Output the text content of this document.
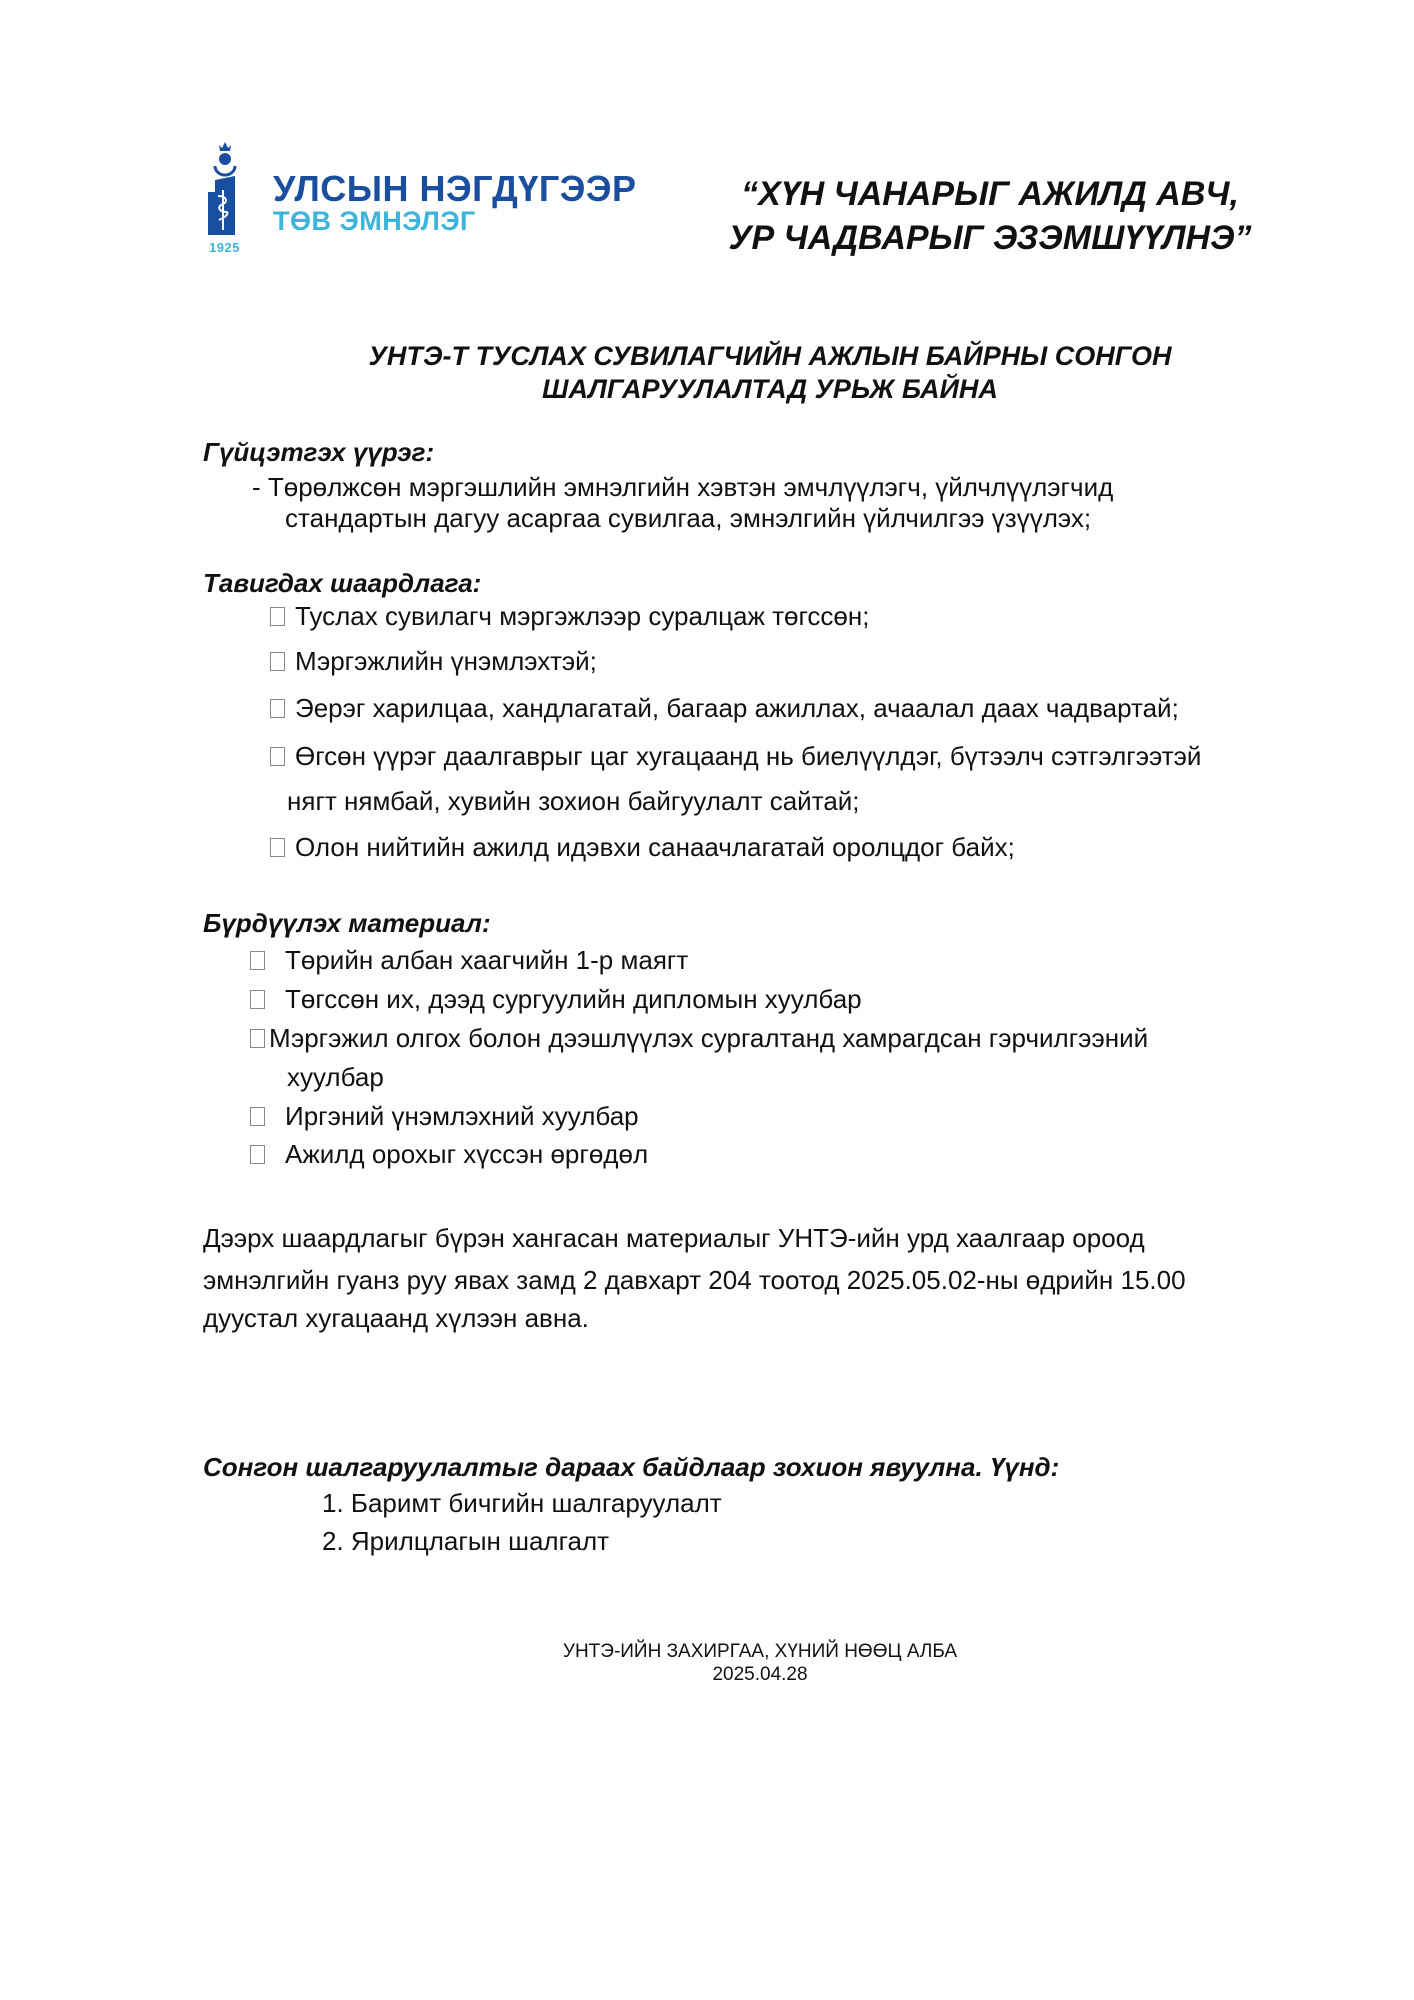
1925
УЛСЫН НЭГДҮГЭЭР
ТӨВ ЭМНЭЛЭГ
“ХҮН ЧАНАРЫГ АЖИЛД АВЧ,
УР ЧАДВАРЫГ ЭЗЭМШҮҮЛНЭ”
УНТЭ-Т ТУСЛАХ СУВИЛАГЧИЙН АЖЛЫН БАЙРНЫ СОНГОН
ШАЛГАРУУЛАЛТАД УРЬЖ БАЙНА
Гүйцэтгэх үүрэг:
- Төрөлжсөн мэргэшлийн эмнэлгийн хэвтэн эмчлүүлэгч, үйлчлүүлэгчид
стандартын дагуу асаргаа сувилгаа, эмнэлгийн үйлчилгээ үзүүлэх;
Тавигдах шаардлага:
Туслах сувилагч мэргэжлээр суралцаж төгссөн;
Мэргэжлийн үнэмлэхтэй;
Эерэг харилцаа, хандлагатай, багаар ажиллах, ачаалал даах чадвартай;
Өгсөн үүрэг даалгаврыг цаг хугацаанд нь биелүүлдэг, бүтээлч сэтгэлгээтэй
нягт нямбай, хувийн зохион байгуулалт сайтай;
Олон нийтийн ажилд идэвхи санаачлагатай оролцдог байх;
Бүрдүүлэх материал:
Төрийн албан хаагчийн 1-р маягт
Төгссөн их, дээд сургуулийн дипломын хуулбар
Мэргэжил олгох болон дээшлүүлэх сургалтанд хамрагдсан гэрчилгээний
хуулбар
Иргэний үнэмлэхний хуулбар
Ажилд орохыг хүссэн өргөдөл
Дээрх шаардлагыг бүрэн хангасан материалыг УНТЭ-ийн урд хаалгаар ороод
эмнэлгийн гуанз руу явах замд 2 давхарт 204 тоотод 2025.05.02-ны өдрийн 15.00
дуустал хугацаанд хүлээн авна.
Сонгон шалгаруулалтыг дараах байдлаар зохион явуулна. Үүнд:
1. Баримт бичгийн шалгаруулалт
2. Ярилцлагын шалгалт
УНТЭ-ИЙН ЗАХИРГАА, ХҮНИЙ НӨӨЦ АЛБА
2025.04.28
